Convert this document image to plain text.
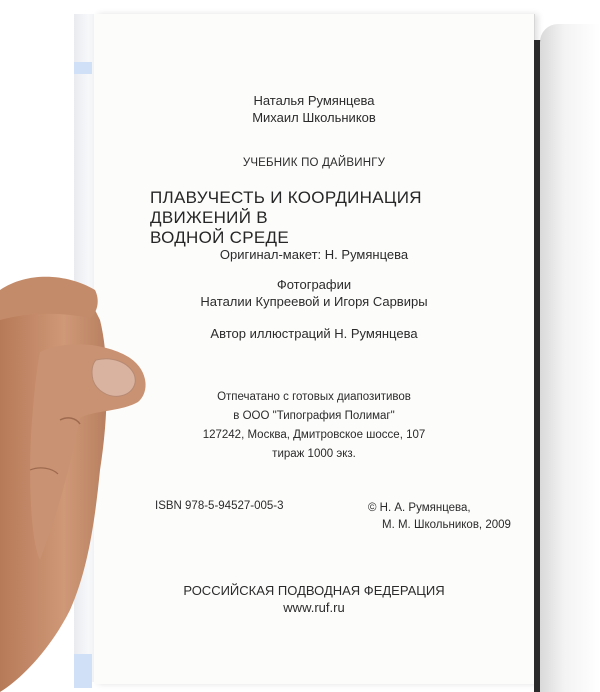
Наталья Румянцева
Михаил Школьников
УЧЕБНИК ПО ДАЙВИНГУ
ПЛАВУЧЕСТЬ И КООРДИНАЦИЯ ДВИЖЕНИЙ В
ВОДНОЙ СРЕДЕ
Оригинал-макет: Н. Румянцева
Фотографии
Наталии Купреевой и Игоря Сарвиры
Автор иллюстраций Н. Румянцева
Отпечатано с готовых диапозитивов
в ООО "Типография Полимаг"
127242, Москва, Дмитровское шоссе, 107
тираж 1000 экз.
ISBN 978-5-94527-005-3	© Н. А. Румянцева,
М. М. Школьников, 2009
РОССИЙСКАЯ ПОДВОДНАЯ ФЕДЕРАЦИЯ
www.ruf.ru
